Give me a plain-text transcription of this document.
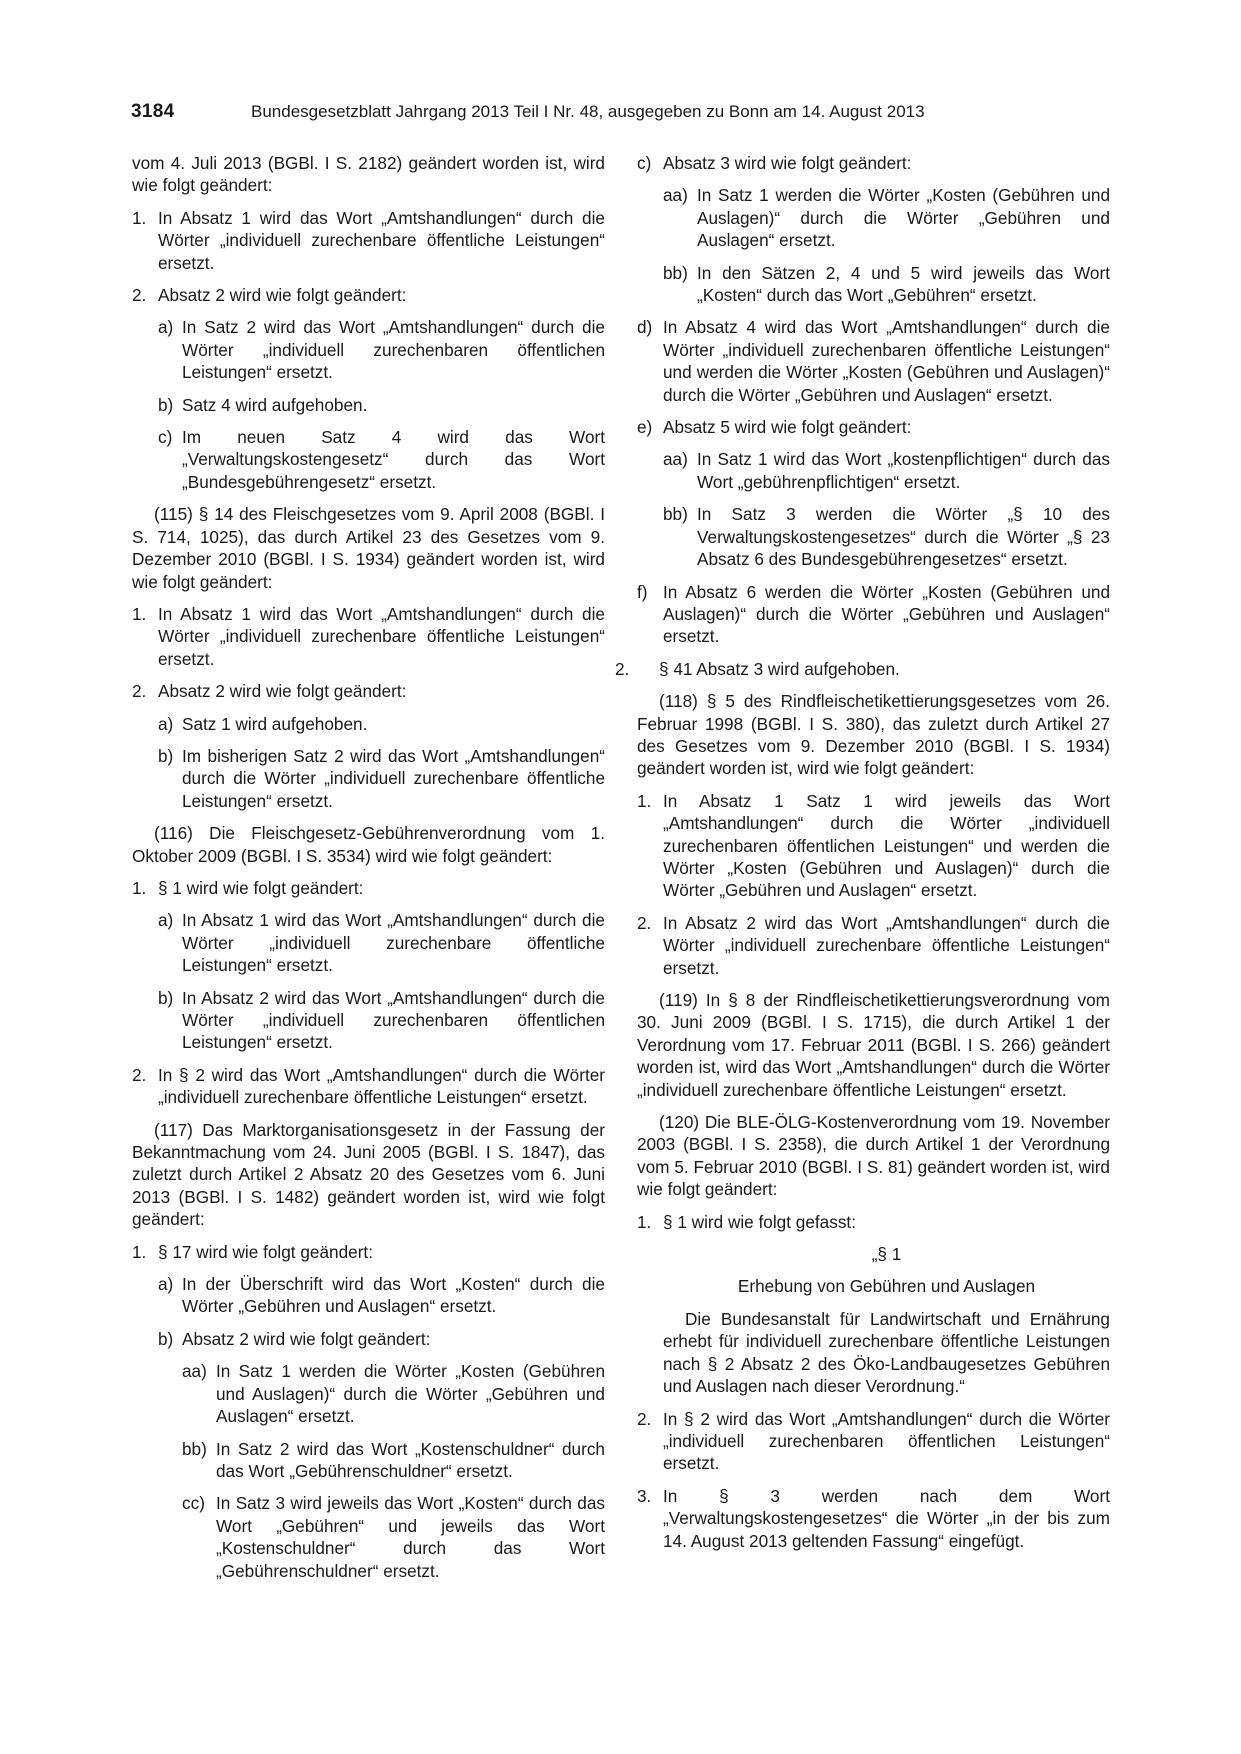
3184	Bundesgesetzblatt Jahrgang 2013 Teil I Nr. 48, ausgegeben zu Bonn am 14. August 2013

vom 4. Juli 2013 (BGBl. I S. 2182) geändert worden ist, wird wie folgt geändert:

1. In Absatz 1 wird das Wort „Amtshandlungen“ durch die Wörter „individuell zurechenbare öffentliche Leistungen“ ersetzt.
2. Absatz 2 wird wie folgt geändert:
a) In Satz 2 wird das Wort „Amtshandlungen“ durch die Wörter „individuell zurechenbaren öffentlichen Leistungen“ ersetzt.
b) Satz 4 wird aufgehoben.
c) Im neuen Satz 4 wird das Wort „Verwaltungskostengesetz“ durch das Wort „Bundesgebührengesetz“ ersetzt.

(115) § 14 des Fleischgesetzes vom 9. April 2008 (BGBl. I S. 714, 1025), das durch Artikel 23 des Gesetzes vom 9. Dezember 2010 (BGBl. I S. 1934) geändert worden ist, wird wie folgt geändert:

1. In Absatz 1 wird das Wort „Amtshandlungen“ durch die Wörter „individuell zurechenbare öffentliche Leistungen“ ersetzt.
2. Absatz 2 wird wie folgt geändert:
a) Satz 1 wird aufgehoben.
b) Im bisherigen Satz 2 wird das Wort „Amtshandlungen“ durch die Wörter „individuell zurechenbare öffentliche Leistungen“ ersetzt.

(116) Die Fleischgesetz-Gebührenverordnung vom 1. Oktober 2009 (BGBl. I S. 3534) wird wie folgt geändert:

1. § 1 wird wie folgt geändert:
a) In Absatz 1 wird das Wort „Amtshandlungen“ durch die Wörter „individuell zurechenbare öffentliche Leistungen“ ersetzt.
b) In Absatz 2 wird das Wort „Amtshandlungen“ durch die Wörter „individuell zurechenbaren öffentlichen Leistungen“ ersetzt.
2. In § 2 wird das Wort „Amtshandlungen“ durch die Wörter „individuell zurechenbare öffentliche Leistungen“ ersetzt.

(117) Das Marktorganisationsgesetz in der Fassung der Bekanntmachung vom 24. Juni 2005 (BGBl. I S. 1847), das zuletzt durch Artikel 2 Absatz 20 des Gesetzes vom 6. Juni 2013 (BGBl. I S. 1482) geändert worden ist, wird wie folgt geändert:

1. § 17 wird wie folgt geändert:
a) In der Überschrift wird das Wort „Kosten“ durch die Wörter „Gebühren und Auslagen“ ersetzt.
b) Absatz 2 wird wie folgt geändert:
aa) In Satz 1 werden die Wörter „Kosten (Gebühren und Auslagen)“ durch die Wörter „Gebühren und Auslagen“ ersetzt.
bb) In Satz 2 wird das Wort „Kostenschuldner“ durch das Wort „Gebührenschuldner“ ersetzt.
cc) In Satz 3 wird jeweils das Wort „Kosten“ durch das Wort „Gebühren“ und jeweils das Wort „Kostenschuldner“ durch das Wort „Gebührenschuldner“ ersetzt.
c) Absatz 3 wird wie folgt geändert:
aa) In Satz 1 werden die Wörter „Kosten (Gebühren und Auslagen)“ durch die Wörter „Gebühren und Auslagen“ ersetzt.
bb) In den Sätzen 2, 4 und 5 wird jeweils das Wort „Kosten“ durch das Wort „Gebühren“ ersetzt.
d) In Absatz 4 wird das Wort „Amtshandlungen“ durch die Wörter „individuell zurechenbaren öffentliche Leistungen“ und werden die Wörter „Kosten (Gebühren und Auslagen)“ durch die Wörter „Gebühren und Auslagen“ ersetzt.
e) Absatz 5 wird wie folgt geändert:
aa) In Satz 1 wird das Wort „kostenpflichtigen“ durch das Wort „gebührenpflichtigen“ ersetzt.
bb) In Satz 3 werden die Wörter „§ 10 des Verwaltungskostengesetzes“ durch die Wörter „§ 23 Absatz 6 des Bundesgebührengesetzes“ ersetzt.
f) In Absatz 6 werden die Wörter „Kosten (Gebühren und Auslagen)“ durch die Wörter „Gebühren und Auslagen“ ersetzt.
2. § 41 Absatz 3 wird aufgehoben.

(118) § 5 des Rindfleischetikettierungsgesetzes vom 26. Februar 1998 (BGBl. I S. 380), das zuletzt durch Artikel 27 des Gesetzes vom 9. Dezember 2010 (BGBl. I S. 1934) geändert worden ist, wird wie folgt geändert:

1. In Absatz 1 Satz 1 wird jeweils das Wort „Amtshandlungen“ durch die Wörter „individuell zurechenbaren öffentlichen Leistungen“ und werden die Wörter „Kosten (Gebühren und Auslagen)“ durch die Wörter „Gebühren und Auslagen“ ersetzt.
2. In Absatz 2 wird das Wort „Amtshandlungen“ durch die Wörter „individuell zurechenbare öffentliche Leistungen“ ersetzt.

(119) In § 8 der Rindfleischetikettierungsverordnung vom 30. Juni 2009 (BGBl. I S. 1715), die durch Artikel 1 der Verordnung vom 17. Februar 2011 (BGBl. I S. 266) geändert worden ist, wird das Wort „Amtshandlungen“ durch die Wörter „individuell zurechenbare öffentliche Leistungen“ ersetzt.

(120) Die BLE-ÖLG-Kostenverordnung vom 19. November 2003 (BGBl. I S. 2358), die durch Artikel 1 der Verordnung vom 5. Februar 2010 (BGBl. I S. 81) geändert worden ist, wird wie folgt geändert:

1. § 1 wird wie folgt gefasst:

„§ 1

Erhebung von Gebühren und Auslagen

Die Bundesanstalt für Landwirtschaft und Ernährung erhebt für individuell zurechenbare öffentliche Leistungen nach § 2 Absatz 2 des Öko-Landbaugesetzes Gebühren und Auslagen nach dieser Verordnung.“

2. In § 2 wird das Wort „Amtshandlungen“ durch die Wörter „individuell zurechenbaren öffentlichen Leistungen“ ersetzt.
3. In § 3 werden nach dem Wort „Verwaltungskostengesetzes“ die Wörter „in der bis zum 14. August 2013 geltenden Fassung“ eingefügt.
